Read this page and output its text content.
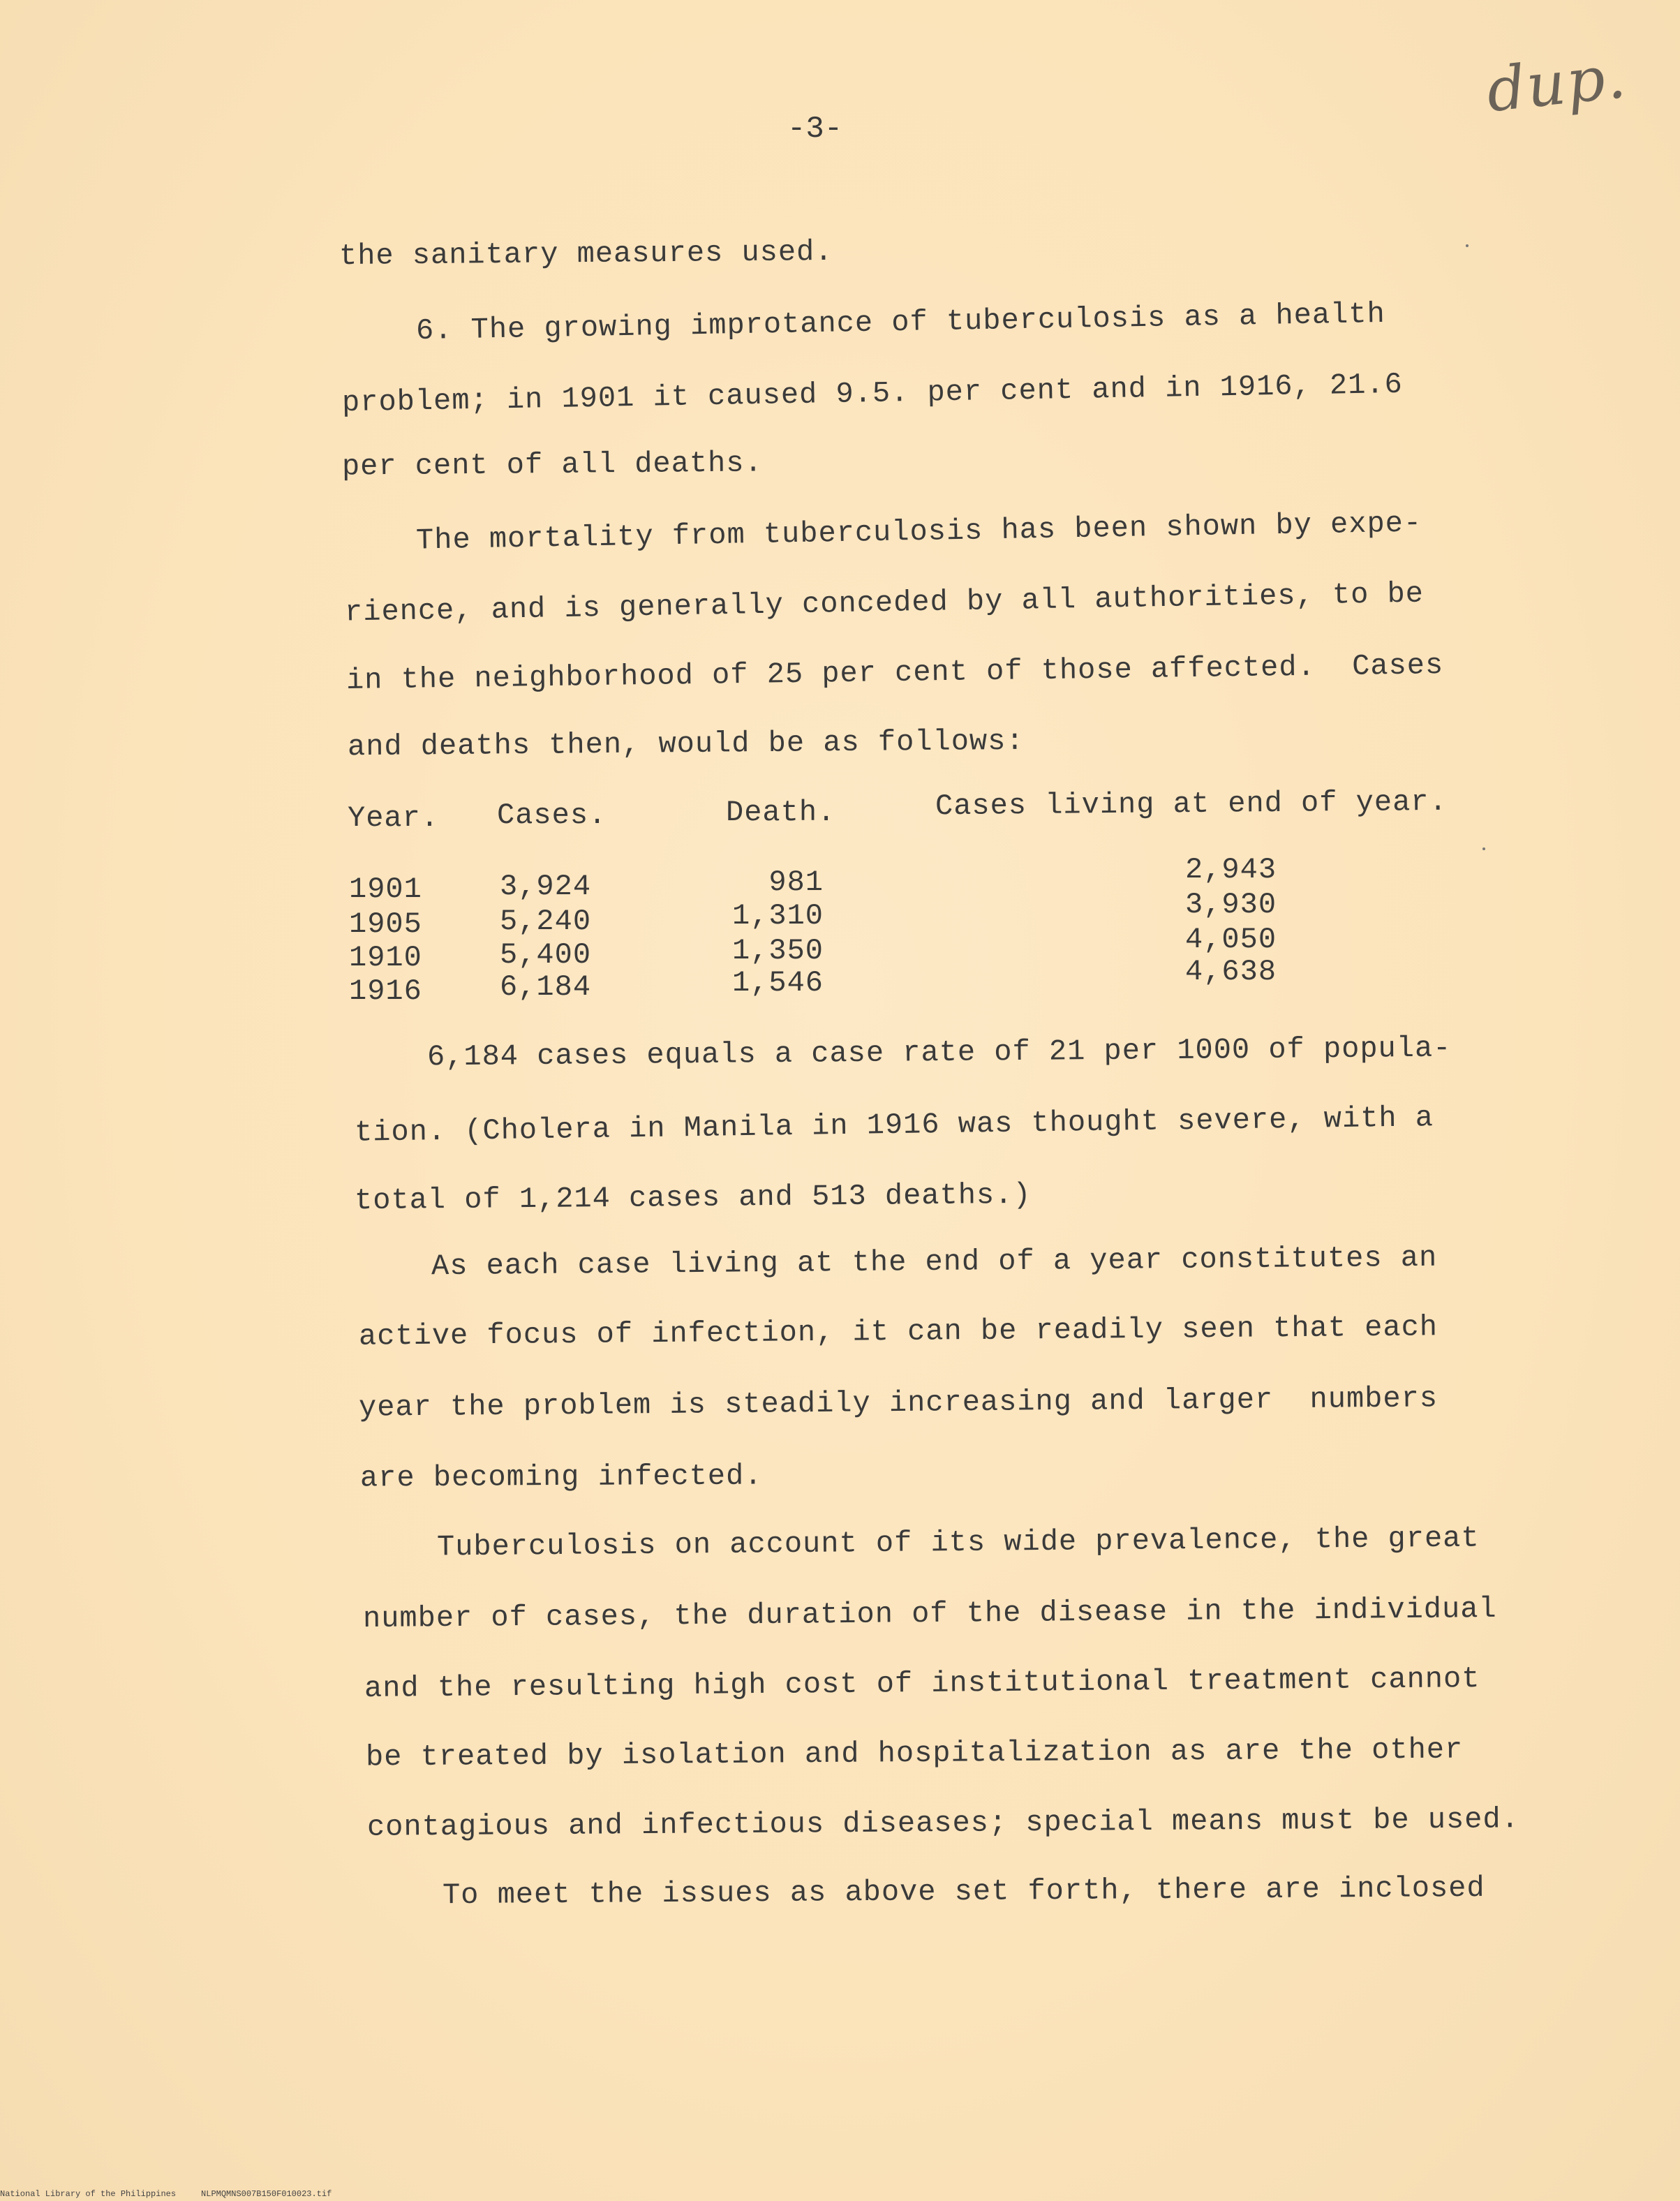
dup.
-3-
the sanitary measures used.
6. The growing improtance of tuberculosis as a health
problem; in 1901 it caused 9.5. per cent and in 1916, 21.6
per cent of all deaths.
The mortality from tuberculosis has been shown by expe-
rience, and is generally conceded by all authorities, to be
in the neighborhood of 25 per cent of those affected.  Cases
and deaths then, would be as follows:
Year. Cases.	Death.	Cases living at end of year.
1901	3,924	981	2,943
1905	5,240	1,310	3,930
1910	5,400	1,350	4,050
1916	6,184	1,546	4,638
6,184 cases equals a case rate of 21 per 1000 of popula-
tion. (Cholera in Manila in 1916 was thought severe, with a
total of 1,214 cases and 513 deaths.)
As each case living at the end of a year constitutes an
active focus of infection, it can be readily seen that each
year the problem is steadily increasing and larger  numbers
are becoming infected.
Tuberculosis on account of its wide prevalence, the great
number of cases, the duration of the disease in the individual
and the resulting high cost of institutional treatment cannot
be treated by isolation and hospitalization as are the other
contagious and infectious diseases; special means must be used.
To meet the issues as above set forth, there are inclosed
National Library of the Philippines     NLPMQMNS007B150F010023.tif
